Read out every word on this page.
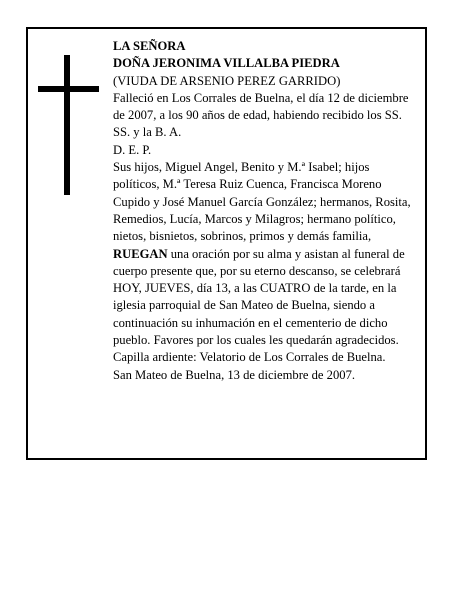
LA SEÑORA
DOÑA JERONIMA VILLALBA PIEDRA
(VIUDA DE ARSENIO PEREZ GARRIDO)
Falleció en Los Corrales de Buelna, el día 12 de diciembre de 2007, a los 90 años de edad, habiendo recibido los SS. SS. y la B. A.
D. E. P.
Sus hijos, Miguel Angel, Benito y M.ª Isabel; hijos políticos, M.ª Teresa Ruiz Cuenca, Francisca Moreno Cupido y José Manuel García González; hermanos, Rosita, Remedios, Lucía, Marcos y Milagros; hermano político, nietos, bisnietos, sobrinos, primos y demás familia,
RUEGAN una oración por su alma y asistan al funeral de cuerpo presente que, por su eterno descanso, se celebrará HOY, JUEVES, día 13, a las CUATRO de la tarde, en la iglesia parroquial de San Mateo de Buelna, siendo a continuación su inhumación en el cementerio de dicho pueblo. Favores por los cuales les quedarán agradecidos. Capilla ardiente: Velatorio de Los Corrales de Buelna.
San Mateo de Buelna, 13 de diciembre de 2007.
